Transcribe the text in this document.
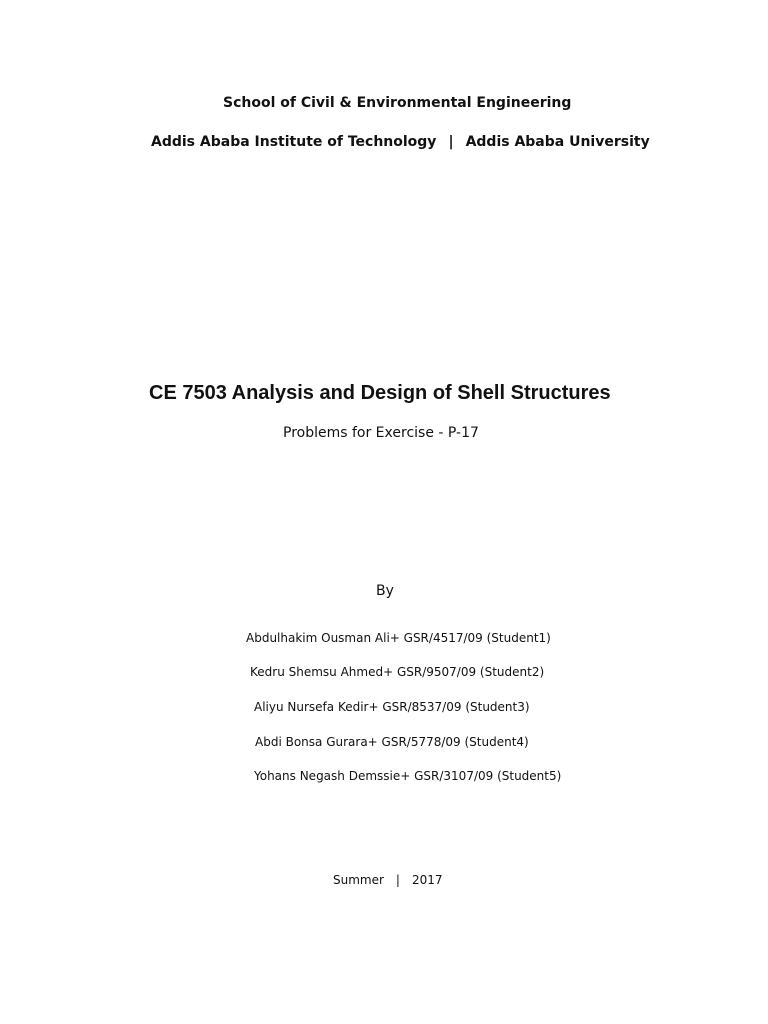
School of Civil & Environmental Engineering
Addis Ababa Institute of Technology | Addis Ababa University
CE 7503 Analysis and Design of Shell Structures
Problems for Exercise - P-17
By
Abdulhakim Ousman Ali+ GSR/4517/09 (Student1)
Kedru Shemsu Ahmed+ GSR/9507/09 (Student2)
Aliyu Nursefa Kedir+ GSR/8537/09 (Student3)
Abdi Bonsa Gurara+ GSR/5778/09 (Student4)
Yohans Negash Demssie+ GSR/3107/09 (Student5)
Summer | 2017
